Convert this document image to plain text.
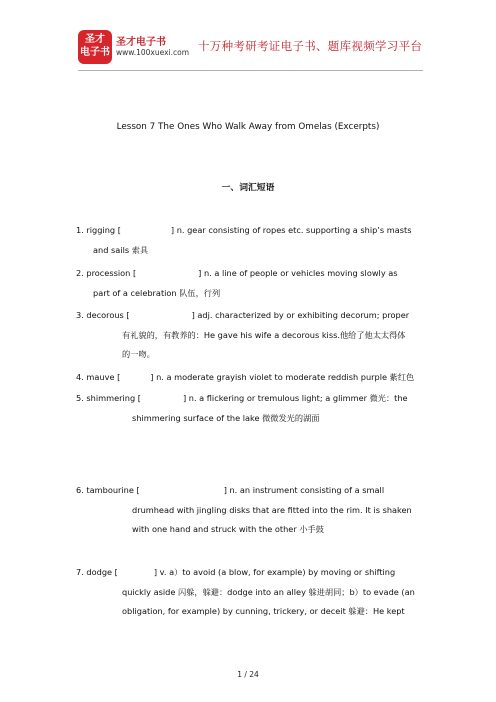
圣才
电子书
圣才电子书
www.100xuexi.com 十万种考研考证电子书、题库视频学习平台
Lesson 7 The Ones Who Walk Away from Omelas (Excerpts)
一、词汇短语
1. rigging [	] n. gear consisting of ropes etc. supporting a ship’s masts
and sails 索具
2. procession [	] n. a line of people or vehicles moving slowly as
part of a celebration 队伍，行列
3. decorous [	] adj. characterized by or exhibiting decorum; proper
有礼貌的，有教养的：He gave his wife a decorous kiss.他给了他太太得体
的一吻。
4. mauve [	] n. a moderate grayish violet to moderate reddish purple 紫红色
5. shimmering [	] n. a flickering or tremulous light; a glimmer 微光：the
shimmering surface of the lake 微微发光的湖面
6. tambourine [	] n. an instrument consisting of a small
drumhead with jingling disks that are fitted into the rim. It is shaken
with one hand and struck with the other 小手鼓
7. dodge [	] v. a）to avoid (a blow, for example) by moving or shifting
quickly aside 闪躲，躲避：dodge into an alley 躲进胡同；b）to evade (an
obligation, for example) by cunning, trickery, or deceit 躲避：He kept
1 / 24
